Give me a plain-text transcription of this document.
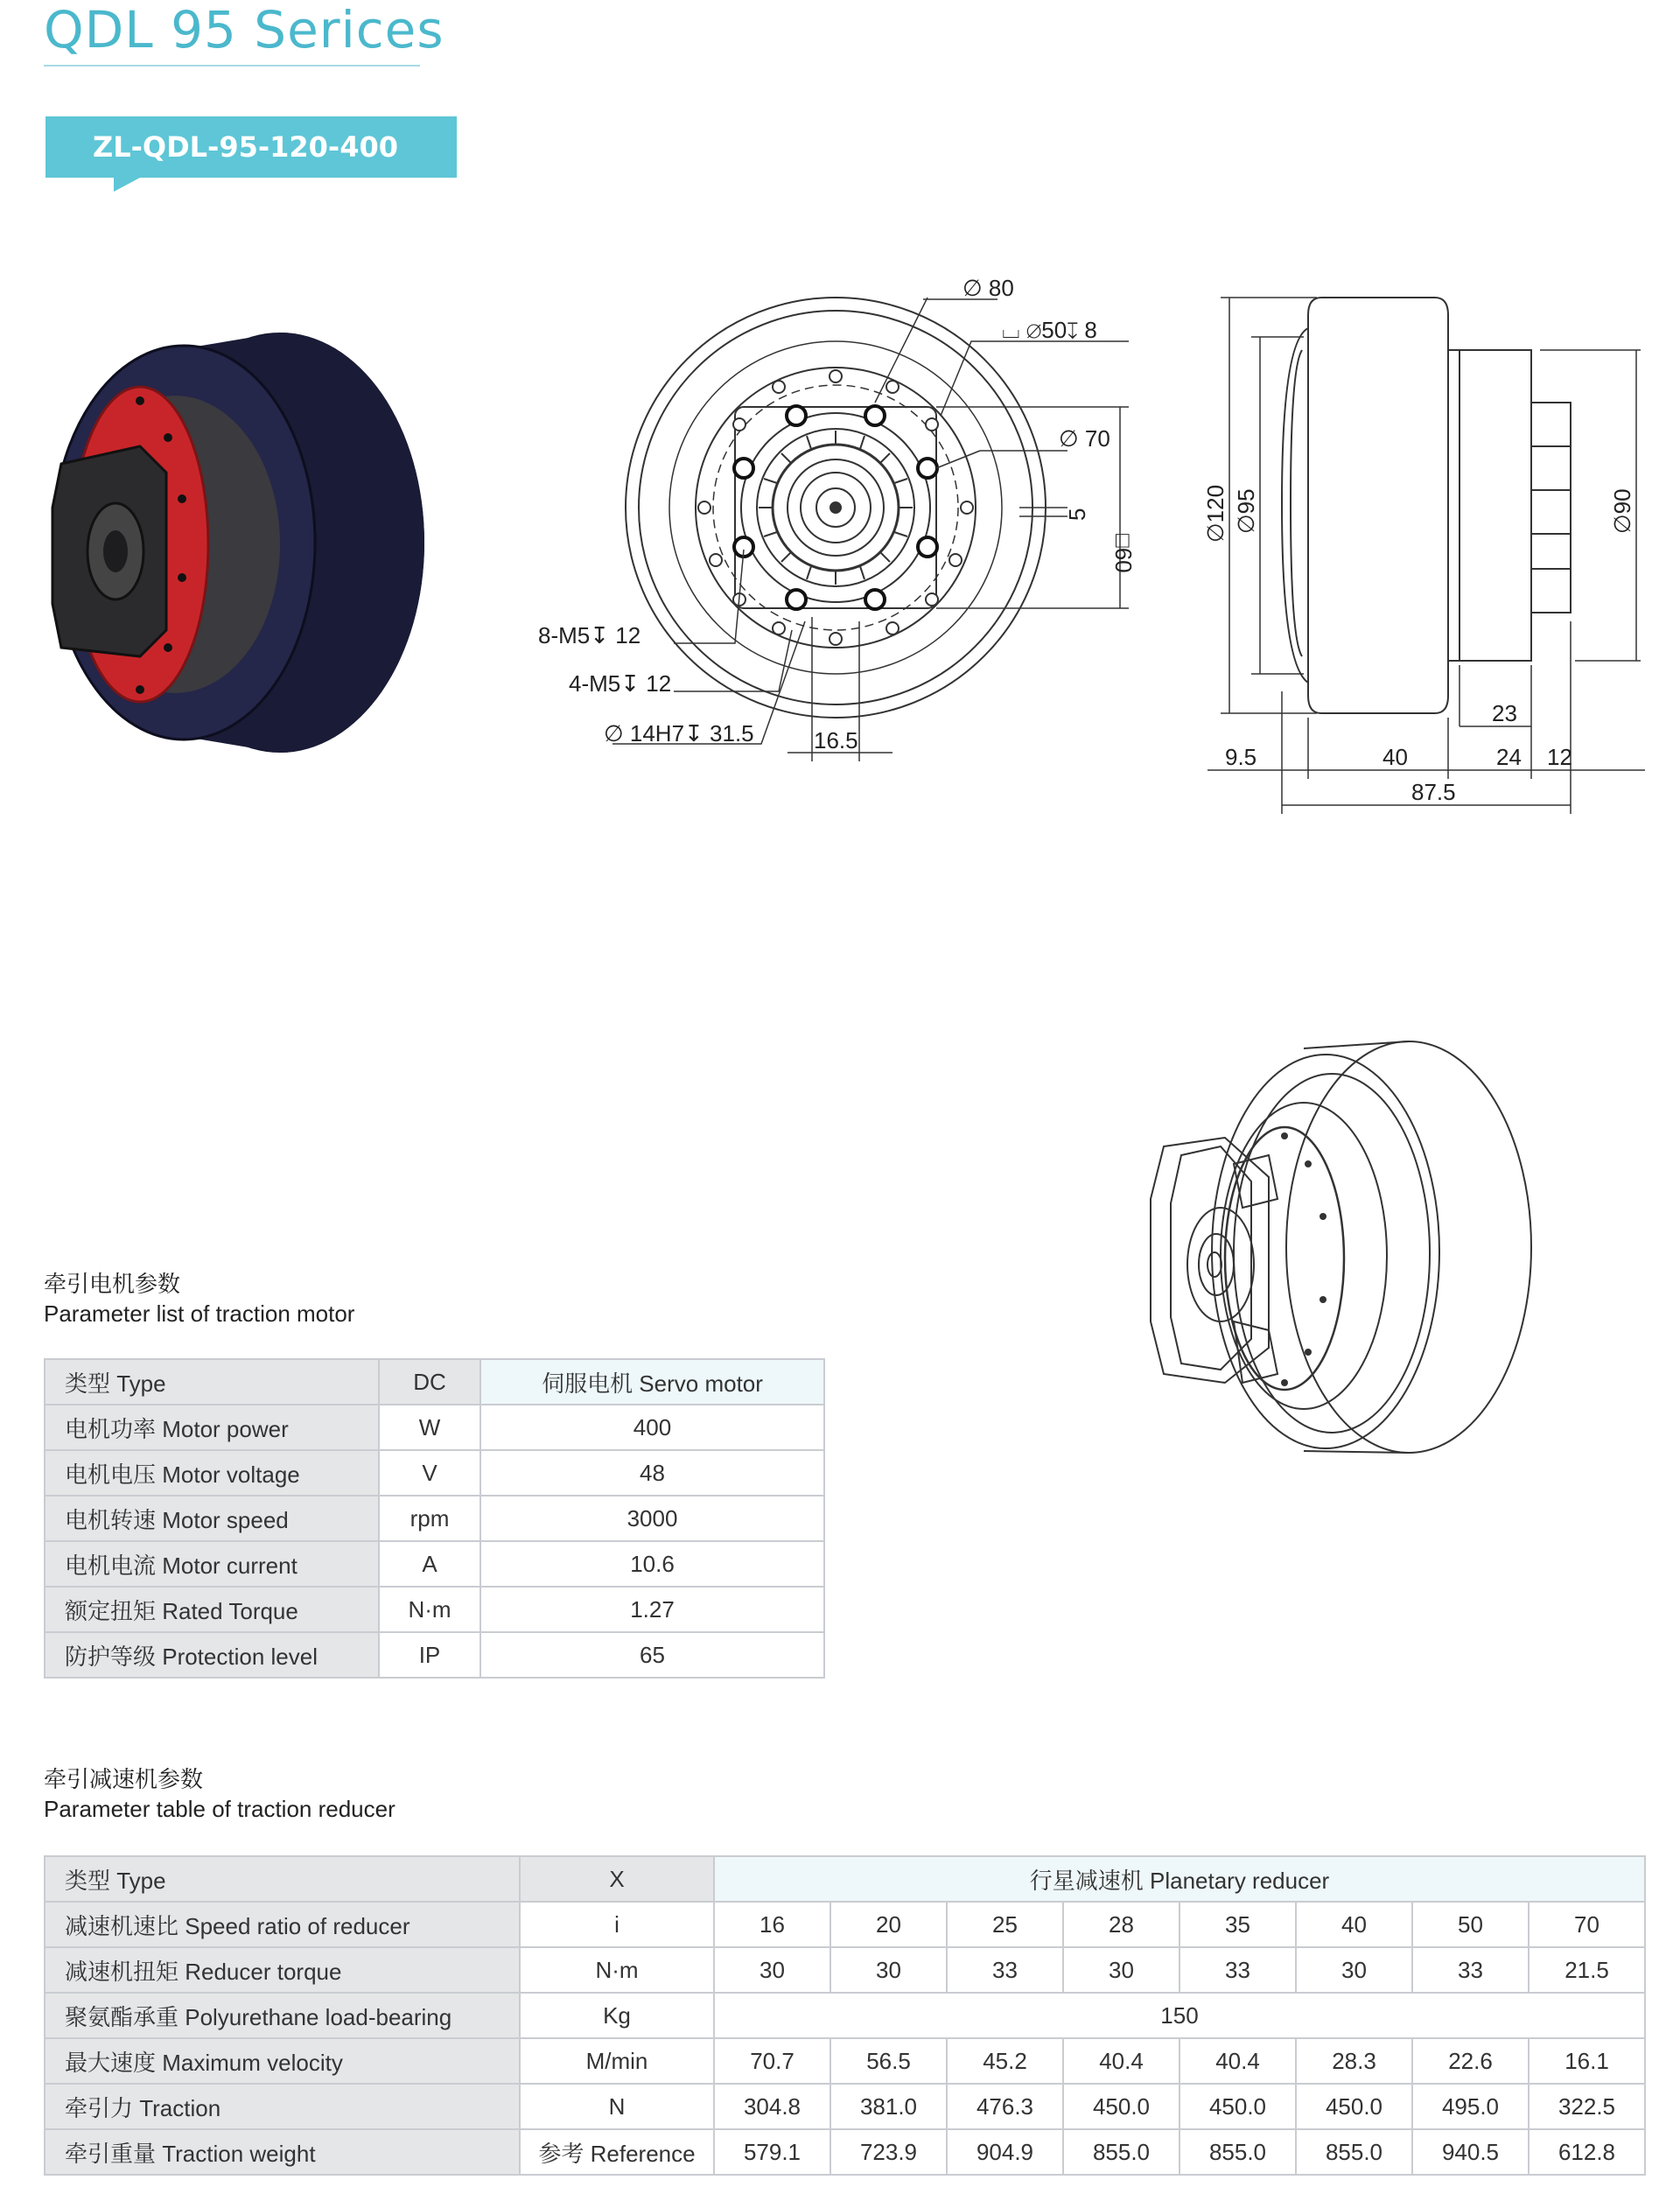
QDL 95 Serices
ZL-QDL-95-120-400
∅ 80
⌴ ∅50↧ 8
∅ 70
5
□60
8-M5↧ 12
4-M5↧ 12
∅ 14H7↧ 31.5	16.5
∅120 ∅95	∅90
9.5	40	24 12
23
87.5
牵引电机参数
Parameter list of traction motor
类型 Type	DC	伺服电机 Servo motor
电机功率 Motor power	W	400
电机电压 Motor voltage	V	48
电机转速 Motor speed	rpm	3000
电机电流 Motor current	A	10.6
额定扭矩 Rated Torque	N·m	1.27
防护等级 Protection level	IP	65
牵引减速机参数
Parameter table of traction reducer
类型 Type	X	行星减速机 Planetary reducer							
减速机速比 Speed ratio of reducer	i	16	20	25	28	35	40	50	70
减速机扭矩 Reducer torque	N·m	30	30	33	30	33	30	33	21.5
聚氨酯承重 Polyurethane load-bearing	Kg	150							
最大速度 Maximum velocity	M/min	70.7	56.5	45.2	40.4	40.4	28.3	22.6	16.1
牵引力 Traction	N	304.8	381.0	476.3	450.0	450.0	450.0	495.0	322.5
牵引重量 Traction weight	参考 Reference	579.1	723.9	904.9	855.0	855.0	855.0	940.5	612.8
